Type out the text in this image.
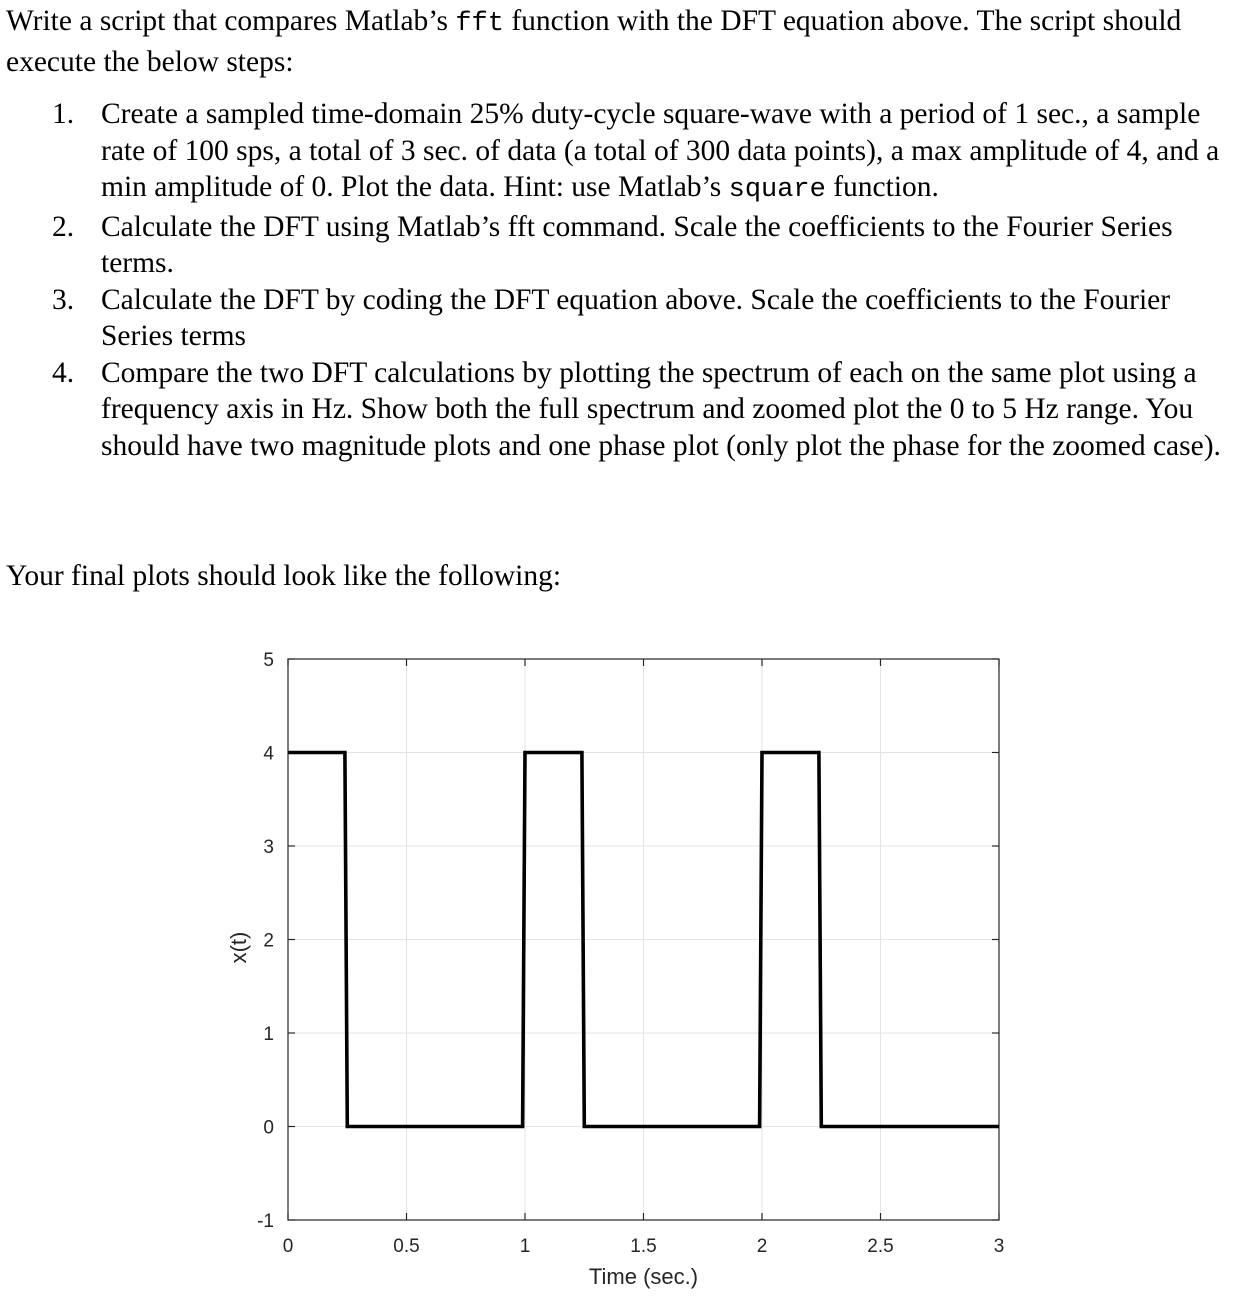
Write a script that compares Matlab’s fft function with the DFT equation above. The script should execute the below steps:
1. Create a sampled time-domain 25% duty-cycle square-wave with a period of 1 sec., a sample rate of 100 sps, a total of 3 sec. of data (a total of 300 data points), a max amplitude of 4, and a min amplitude of 0. Plot the data. Hint: use Matlab’s square function.
2. Calculate the DFT using Matlab’s fft command. Scale the coefficients to the Fourier Series terms.
3. Calculate the DFT by coding the DFT equation above. Scale the coefficients to the Fourier Series terms
4. Compare the two DFT calculations by plotting the spectrum of each on the same plot using a frequency axis in Hz. Show both the full spectrum and zoomed plot the 0 to 5 Hz range. You should have two magnitude plots and one phase plot (only plot the phase for the zoomed case).
Your final plots should look like the following:
0	0.5	1	1.5	2	2.5	3
-1
0
1
2
3
4
5
Time (sec.)
x(t)
